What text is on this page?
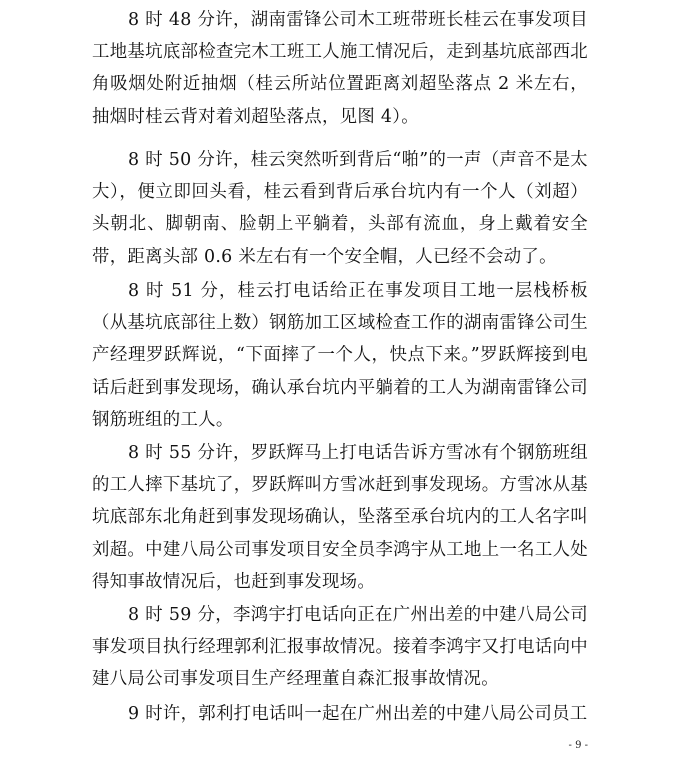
8 时 48 分许，湖南雷锋公司木工班带班长桂云在事发项目工地基坑底部检查完木工班工人施工情况后，走到基坑底部西北角吸烟处附近抽烟（桂云所站位置距离刘超坠落点 2 米左右，抽烟时桂云背对着刘超坠落点，见图 4）。

8 时 50 分许，桂云突然听到背后“啪”的一声（声音不是太大），便立即回头看，桂云看到背后承台坑内有一个人（刘超）头朝北、脚朝南、脸朝上平躺着，头部有流血，身上戴着安全带，距离头部 0.6 米左右有一个安全帽，人已经不会动了。

8 时 51 分，桂云打电话给正在事发项目工地一层栈桥板（从基坑底部往上数）钢筋加工区域检查工作的湖南雷锋公司生产经理罗跃辉说，“下面摔了一个人，快点下来。”罗跃辉接到电话后赶到事发现场，确认承台坑内平躺着的工人为湖南雷锋公司钢筋班组的工人。

8 时 55 分许，罗跃辉马上打电话告诉方雪冰有个钢筋班组的工人摔下基坑了，罗跃辉叫方雪冰赶到事发现场。方雪冰从基坑底部东北角赶到事发现场确认，坠落至承台坑内的工人名字叫刘超。中建八局公司事发项目安全员李鸿宇从工地上一名工人处得知事故情况后，也赶到事发现场。

8 时 59 分，李鸿宇打电话向正在广州出差的中建八局公司事发项目执行经理郭利汇报事故情况。接着李鸿宇又打电话向中建八局公司事发项目生产经理董自森汇报事故情况。

9 时许，郭利打电话叫一起在广州出差的中建八局公司员工

- 9 -
